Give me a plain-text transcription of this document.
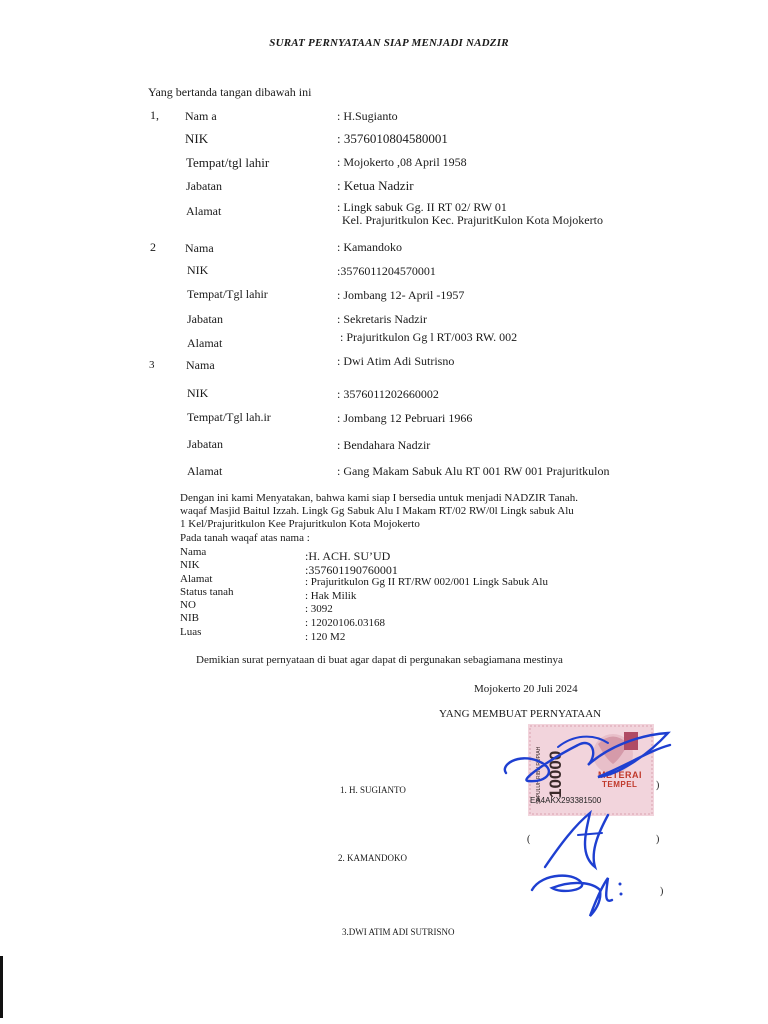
SURAT PERNYATAAN SIAP MENJADI NADZIR
Yang bertanda tangan dibawah ini
1, Nam a	: H.Sugianto
NIK	: 3576010804580001
Tempat/tgl lahir	: Mojokerto ,08 April 1958
Jabatan	: Ketua Nadzir
Alamat	: Lingk sabuk Gg. II RT 02/ RW 01
Kel. Prajuritkulon Kec. PrajuritKulon Kota Mojokerto
2 Nama	: Kamandoko
NIK	:3576011204570001
Tempat/Tgl lahir	: Jombang 12- April -1957
Jabatan	: Sekretaris Nadzir
Alamat	: Prajuritkulon Gg l RT/003 RW. 002
3	Nama	: Dwi Atim Adi Sutrisno
NIK	: 3576011202660002
Tempat/Tgl lah.ir	: Jombang 12 Pebruari 1966
Jabatan	: Bendahara Nadzir
Alamat	: Gang Makam Sabuk Alu RT 001 RW 001 Prajuritkulon
Dengan ini kami Menyatakan, bahwa kami siap I bersedia untuk menjadi NADZIR Tanah.
waqaf Masjid Baitul Izzah. Lingk Gg Sabuk Alu I Makam RT/02 RW/0l Lingk sabuk Alu
1 Kel/Prajuritkulon Kee Prajuritkulon Kota Mojokerto
Pada tanah waqaf atas nama :
Nama	:H. ACH. SU’UD
NIK	:357601190760001
Alamat	: Prajuritkulon Gg II RT/RW 002/001 Lingk Sabuk Alu
Status tanah	: Hak Milik
NO	: 3092
NIB	: 12020106.03168
Luas	: 120 M2
Demikian surat pernyataan di buat agar dapat di pergunakan sebagiamana mestinya
Mojokerto 20 Juli 2024
YANG MEMBUAT PERNYATAAN
1. H. SUGIANTO
2. KAMANDOKO
3.DWI ATIM ADI SUTRISNO
)
(	)
)
10000
SEPULUH RIBU RUPIAH	METERAI
TEMPEL
EA4AKX293381500
